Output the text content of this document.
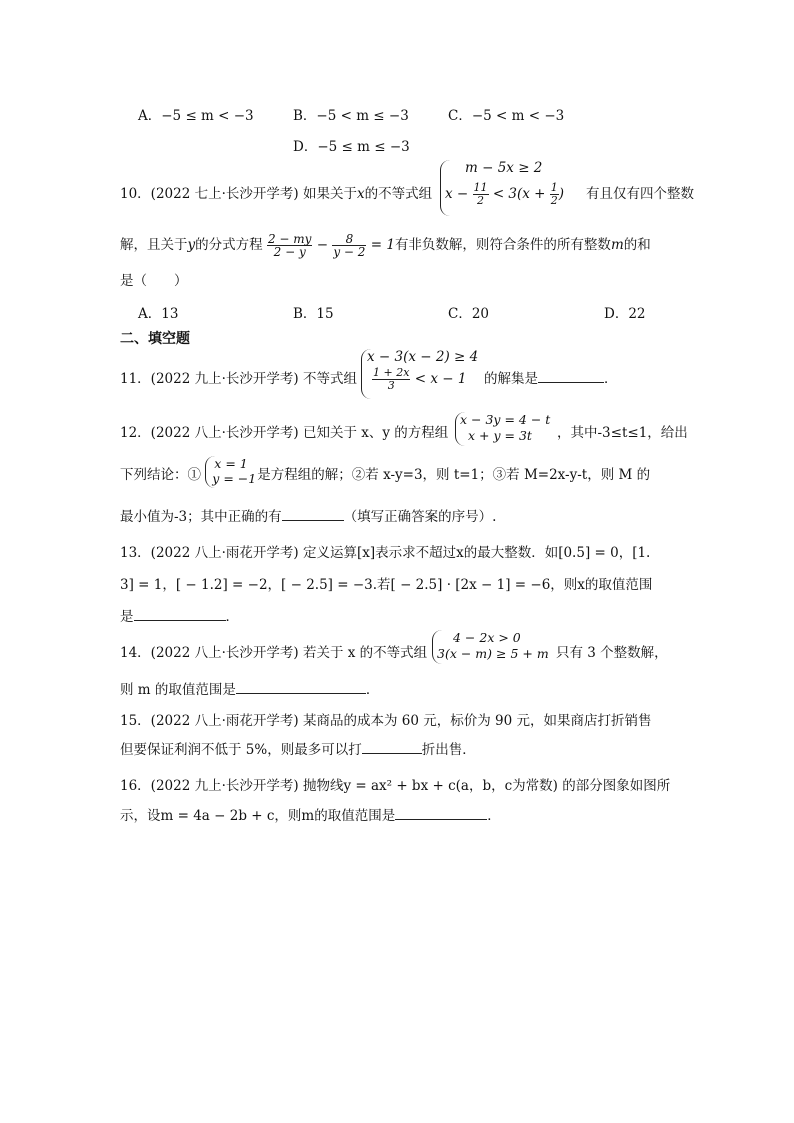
A．−5 ≤ m < −3	B．−5 < m ≤ −3	C．−5 < m < −3
D．−5 ≤ m ≤ −3
10．(2022 七上·长沙开学考) 如果关于x的不等式组
m − 5x ≥ 2
$x - \frac{11}{2} < 3(x + \frac{1}{2}$ ) 有且仅有四个整数
解，且关于y的分式方程 $\frac{2 - my}{2 - y} - \frac{8}{y - 2} = 1$有非负数解，则符合条件的所有整数m的和
是（　　）
A．13	B．15	C．20	D．22
二、填空题
11．(2022 九上·长沙开学考) 不等式组
x − 3(x − 2) ≥ 4
$\frac{1 + 2x}{3} < x - 1$ 的解集是	．
12．(2022 八上·长沙开学考) 已知关于 x、y 的方程组
x − 3y = 4 − t
x + y = 3t ，其中-3≤t≤1，给出
下列结论：①
x = 1
y = −1 是方程组的解；②若 x-y=3，则 t=1；③若 M=2x-y-t，则 M 的
最小值为-3；其中正确的有	（填写正确答案的序号）.
13．(2022 八上·雨花开学考) 定义运算[x]表示求不超过x的最大整数．如[0.5] = 0，[1.
3] = 1，[ − 1.2] = −2，[ − 2.5] = −3.若[ − 2.5] · [2x − 1] = −6，则x的取值范围
是	．
14．(2022 八上·长沙开学考) 若关于 x 的不等式组
4 − 2x > 0
3(x − m) ≥ 5 + m 只有 3 个整数解，
则 m 的取值范围是	．
15．(2022 八上·雨花开学考) 某商品的成本为 60 元，标价为 90 元，如果商店打折销售
但要保证利润不低于 5%，则最多可以打	折出售．
16．(2022 九上·长沙开学考) 抛物线y = ax² + bx + c(a，b，c为常数) 的部分图象如图所
示，设m = 4a − 2b + c，则m的取值范围是	．
